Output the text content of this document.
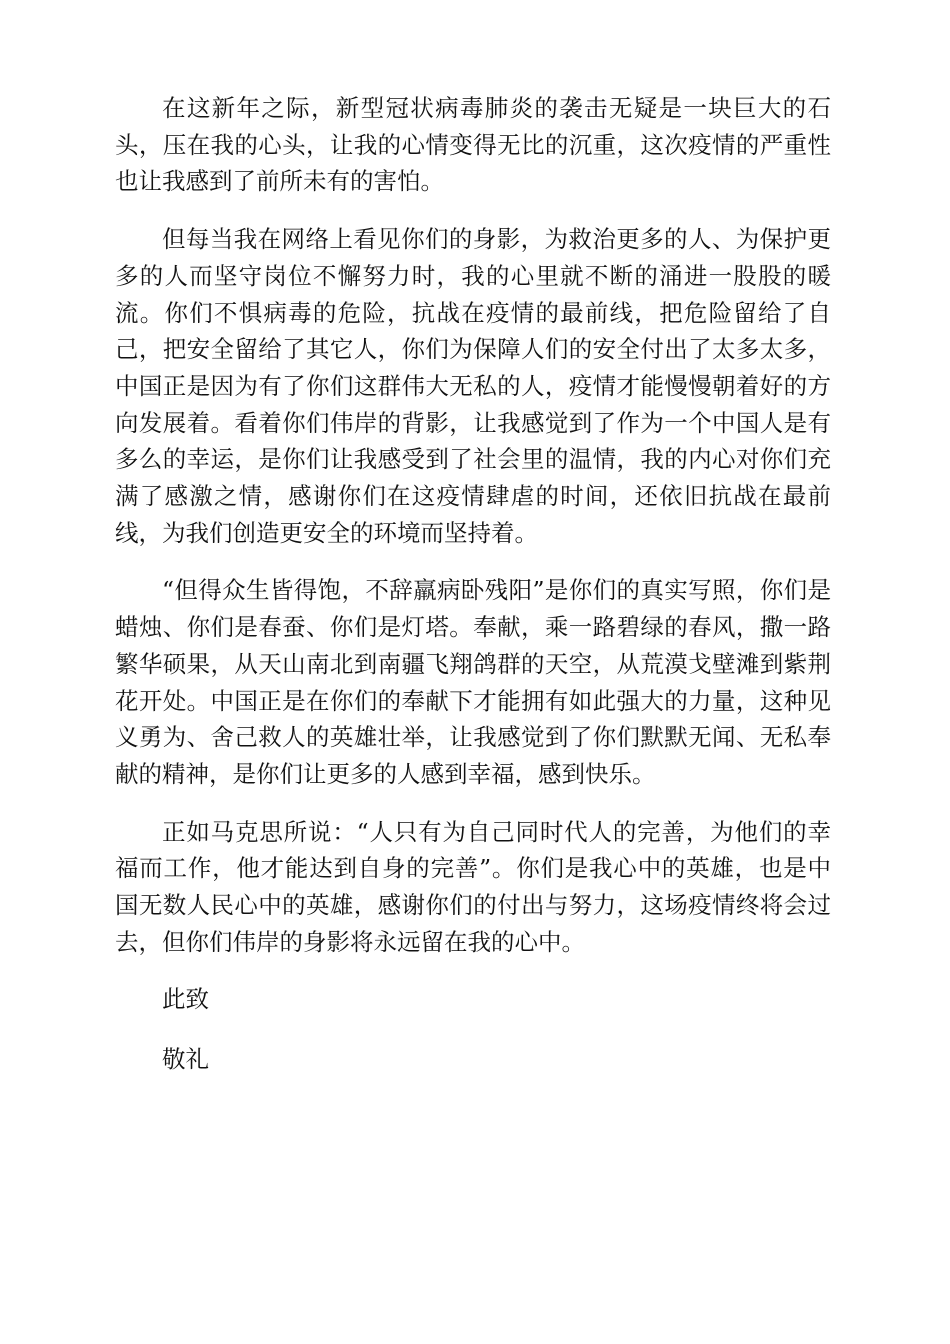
在这新年之际，新型冠状病毒肺炎的袭击无疑是一块巨大的石头，压在我的心头，让我的心情变得无比的沉重，这次疫情的严重性也让我感到了前所未有的害怕。

但每当我在网络上看见你们的身影，为救治更多的人、为保护更多的人而坚守岗位不懈努力时，我的心里就不断的涌进一股股的暖流。你们不惧病毒的危险，抗战在疫情的最前线，把危险留给了自己，把安全留给了其它人，你们为保障人们的安全付出了太多太多，中国正是因为有了你们这群伟大无私的人，疫情才能慢慢朝着好的方向发展着。看着你们伟岸的背影，让我感觉到了作为一个中国人是有多么的幸运，是你们让我感受到了社会里的温情，我的内心对你们充满了感激之情，感谢你们在这疫情肆虐的时间，还依旧抗战在最前线，为我们创造更安全的环境而坚持着。

“但得众生皆得饱，不辞羸病卧残阳”是你们的真实写照，你们是蜡烛、你们是春蚕、你们是灯塔。奉献，乘一路碧绿的春风，撒一路繁华硕果，从天山南北到南疆飞翔鸽群的天空，从荒漠戈壁滩到紫荆花开处。中国正是在你们的奉献下才能拥有如此强大的力量，这种见义勇为、舍己救人的英雄壮举，让我感觉到了你们默默无闻、无私奉献的精神，是你们让更多的人感到幸福，感到快乐。

正如马克思所说：“人只有为自己同时代人的完善，为他们的幸福而工作，他才能达到自身的完善”。你们是我心中的英雄，也是中国无数人民心中的英雄，感谢你们的付出与努力，这场疫情终将会过去，但你们伟岸的身影将永远留在我的心中。

此致

敬礼
